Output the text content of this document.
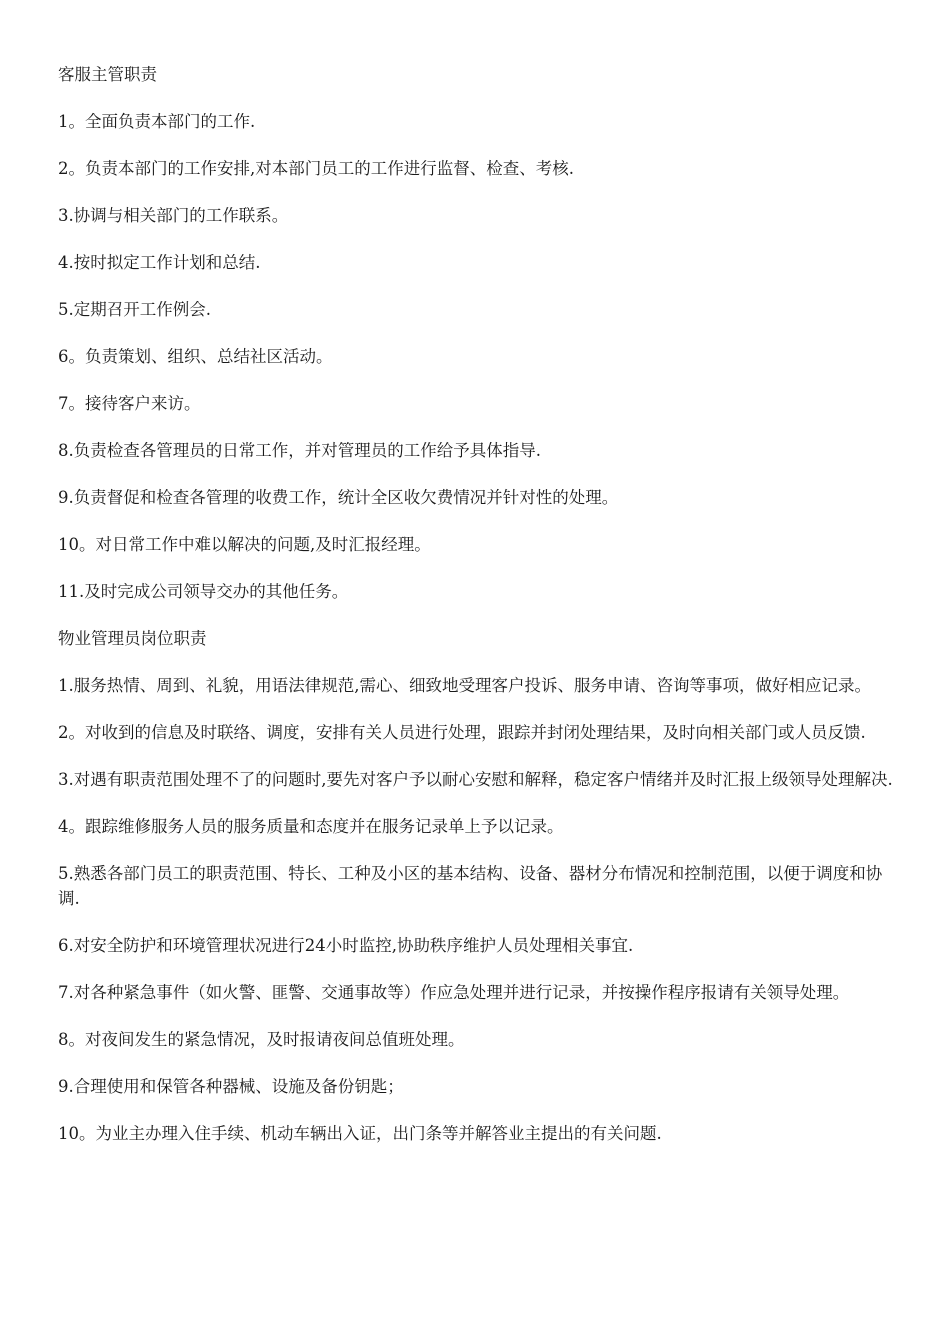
客服主管职责
1。全面负责本部门的工作.
2。负责本部门的工作安排,对本部门员工的工作进行监督、检查、考核.
3.协调与相关部门的工作联系。
4.按时拟定工作计划和总结.
5.定期召开工作例会.
6。负责策划、组织、总结社区活动。
7。接待客户来访。
8.负责检查各管理员的日常工作，并对管理员的工作给予具体指导.
9.负责督促和检查各管理的收费工作，统计全区收欠费情况并针对性的处理。
10。对日常工作中难以解决的问题,及时汇报经理。
11.及时完成公司领导交办的其他任务。
物业管理员岗位职责
1.服务热情、周到、礼貌，用语法律规范,需心、细致地受理客户投诉、服务申请、咨询等事项，做好相应记录。
2。对收到的信息及时联络、调度，安排有关人员进行处理，跟踪并封闭处理结果，及时向相关部门或人员反馈.
3.对遇有职责范围处理不了的问题时,要先对客户予以耐心安慰和解释，稳定客户情绪并及时汇报上级领导处理解决.
4。跟踪维修服务人员的服务质量和态度并在服务记录单上予以记录。
5.熟悉各部门员工的职责范围、特长、工种及小区的基本结构、设备、器材分布情况和控制范围，以便于调度和协调.
6.对安全防护和环境管理状况进行24小时监控,协助秩序维护人员处理相关事宜.
7.对各种紧急事件（如火警、匪警、交通事故等）作应急处理并进行记录，并按操作程序报请有关领导处理。
8。对夜间发生的紧急情况，及时报请夜间总值班处理。
9.合理使用和保管各种器械、设施及备份钥匙；
10。为业主办理入住手续、机动车辆出入证，出门条等并解答业主提出的有关问题.
